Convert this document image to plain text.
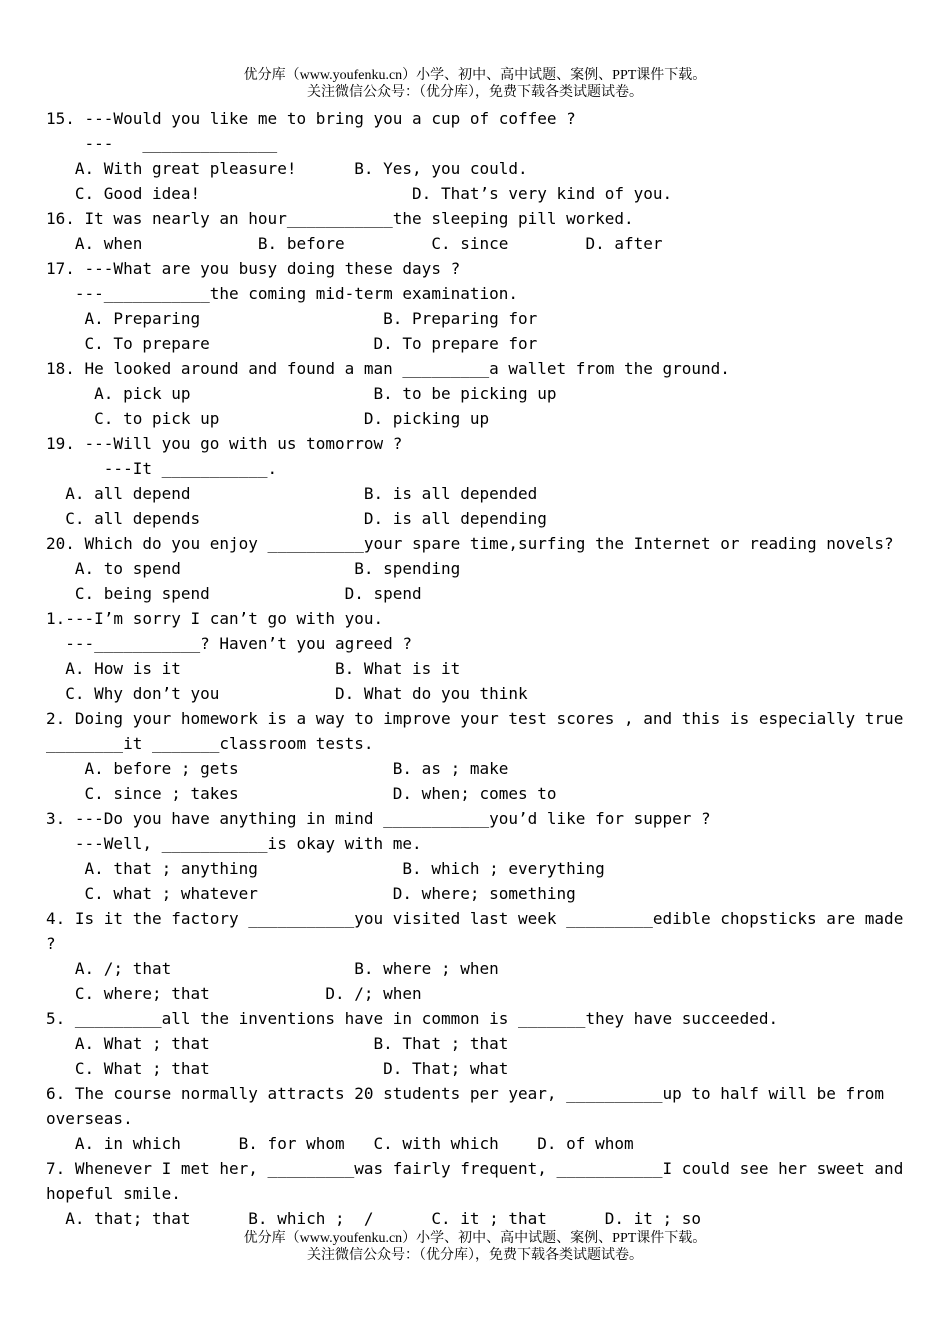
优分库（www.youfenku.cn）小学、初中、高中试题、案例、PPT课件下载。
关注微信公众号：（优分库），免费下载各类试题试卷。
15. ---Would you like me to bring you a cup of coffee ?
---   ______________
A. With great pleasure!      B. Yes, you could.
C. Good idea!                      D. That’s very kind of you.
16. It was nearly an hour___________the sleeping pill worked.
A. when            B. before         C. since        D. after
17. ---What are you busy doing these days ?
---___________the coming mid-term examination.
A. Preparing                   B. Preparing for
C. To prepare                 D. To prepare for
18. He looked around and found a man _________a wallet from the ground.
A. pick up                   B. to be picking up
C. to pick up               D. picking up
19. ---Will you go with us tomorrow ?
---It ___________.
A. all depend                  B. is all depended
C. all depends                 D. is all depending
20. Which do you enjoy __________your spare time,surfing the Internet or reading novels?
A. to spend                  B. spending
C. being spend              D. spend
1.---I’m sorry I can’t go with you.
---___________? Haven’t you agreed ?
A. How is it                B. What is it
C. Why don’t you            D. What do you think
2. Doing your homework is a way to improve your test scores , and this is especially true
________it _______classroom tests.
A. before ; gets                B. as ; make
C. since ; takes                D. when; comes to
3. ---Do you have anything in mind ___________you’d like for supper ?
---Well, ___________is okay with me.
A. that ; anything               B. which ; everything
C. what ; whatever              D. where; something
4. Is it the factory ___________you visited last week _________edible chopsticks are made
?
A. /; that                   B. where ; when
C. where; that            D. /; when
5. _________all the inventions have in common is _______they have succeeded.
A. What ; that                 B. That ; that
C. What ; that                  D. That; what
6. The course normally attracts 20 students per year, __________up to half will be from
overseas.
A. in which      B. for whom   C. with which    D. of whom
7. Whenever I met her, _________was fairly frequent, ___________I could see her sweet and
hopeful smile.
A. that; that      B. which ;  /      C. it ; that      D. it ; so
优分库（www.youfenku.cn）小学、初中、高中试题、案例、PPT课件下载。
关注微信公众号：（优分库），免费下载各类试题试卷。
